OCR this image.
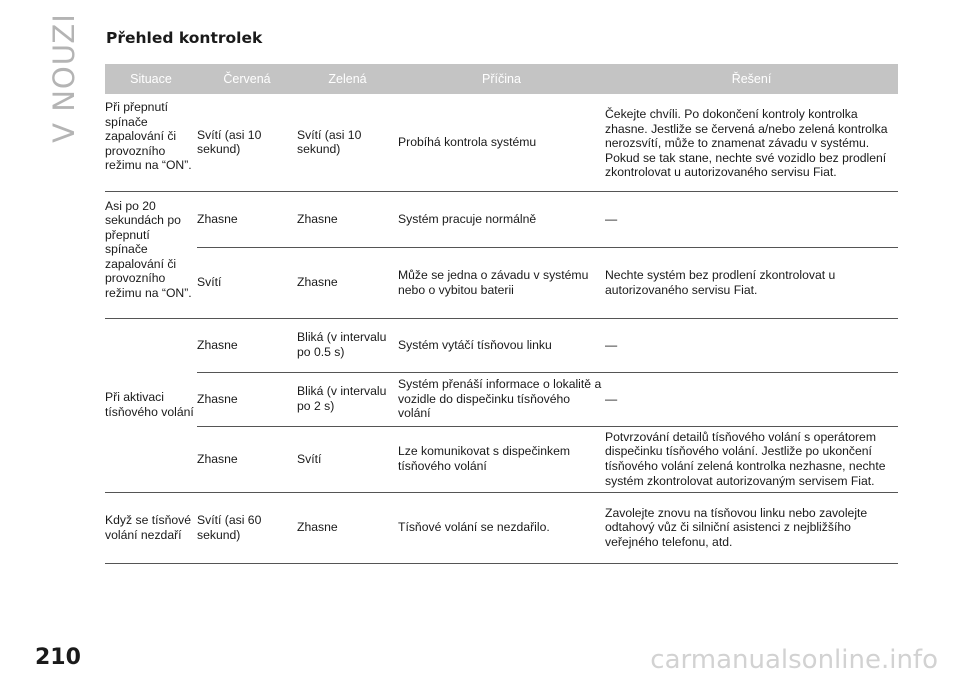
V NOUZI Přehled kontrolek
Situace	Červená	Zelená	Příčina	Řešení
Při přepnutí spínače zapalování či provozního režimu na “ON”.	Svítí (asi 10 sekund)	Svítí (asi 10 sekund)	Probíhá kontrola systému	Čekejte chvíli. Po dokončení kontroly kontrolka zhasne. Jestliže se červená a/nebo zelená kontrolka nerozsvítí, může to znamenat závadu v systému. Pokud se tak stane, nechte své vozidlo bez prodlení zkontrolovat u autorizovaného servisu Fiat.
Asi po 20 sekundách po přepnutí spínače zapalování či provozního režimu na “ON”.	Zhasne	Zhasne	Systém pracuje normálně	—
	Svítí	Zhasne	Může se jedna o závadu v systému nebo o vybitou baterii	Nechte systém bez prodlení zkontrolovat u autorizovaného servisu Fiat.
Při aktivaci tísňového volání	Zhasne	Bliká (v intervalu po 0.5 s)	Systém vytáčí tísňovou linku	—
	Zhasne	Bliká (v intervalu po 2 s)	Systém přenáší informace o lokalitě a vozidle do dispečinku tísňového volání	—
	Zhasne	Svítí	Lze komunikovat s dispečinkem tísňového volání	Potvrzování detailů tísňového volání s operátorem dispečinku tísňového volání. Jestliže po ukončení tísňového volání zelená kontrolka nezhasne, nechte systém zkontrolovat autorizovaným servisem Fiat.
Když se tísňové volání nezdaří	Svítí (asi 60 sekund)	Zhasne	Tísňové volání se nezdařilo.	Zavolejte znovu na tísňovou linku nebo zavolejte odtahový vůz či silniční asistenci z nejbližšího veřejného telefonu, atd.
210	carmanualsonline.info
